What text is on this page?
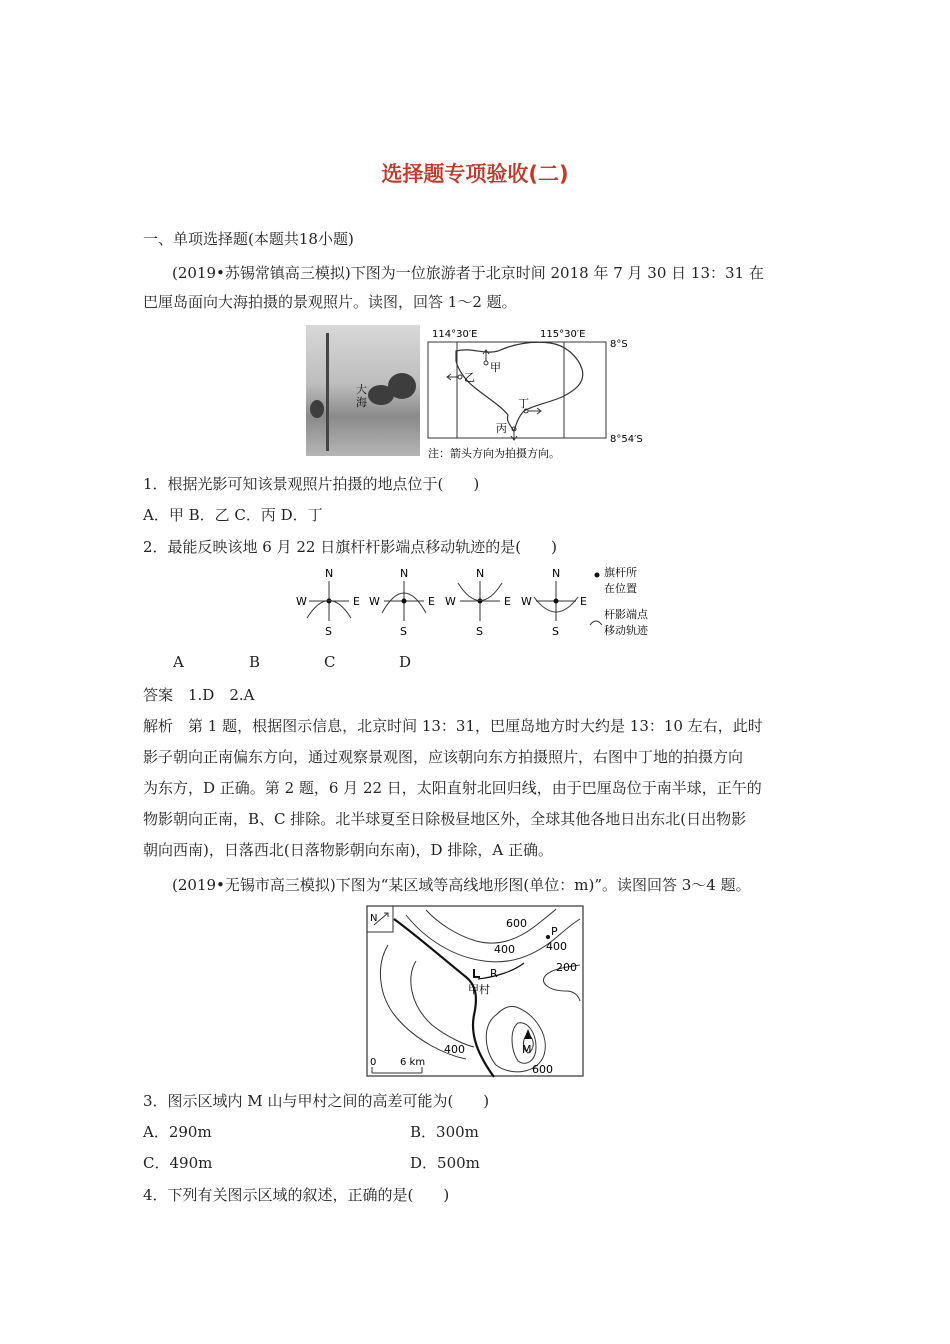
选择题专项验收(二)
一、单项选择题(本题共18小题)
(2019•苏锡常镇高三模拟)下图为一位旅游者于北京时间 2018 年 7 月 30 日 13：31 在
巴厘岛面向大海拍摄的景观照片。读图，回答 1～2 题。
大海
114°30′E	115°30′E
8°S
8°54′S
甲
乙
丁
丙
注：箭头方向为拍摄方向。
1．根据光影可知该景观照片拍摄的地点位于(　　)
A．甲 B．乙 C．丙 D．丁
2．最能反映该地 6 月 22 日旗杆杆影端点移动轨迹的是(　　)
N
S
W	E
N
S
W	E
N
S
W	E
N
S
W	E
旗杆所
在位置
杆影端点
移动轨迹
A	B	C	D
答案　1.D　2.A
解析　第 1 题，根据图示信息，北京时间 13：31，巴厘岛地方时大约是 13：10 左右，此时
影子朝向正南偏东方向，通过观察景观图，应该朝向东方拍摄照片，右图中丁地的拍摄方向
为东方，D 正确。第 2 题，6 月 22 日，太阳直射北回归线，由于巴厘岛位于南半球，正午的
物影朝向正南，B、C 排除。北半球夏至日除极昼地区外，全球其他各地日出东北(日出物影
朝向西南)，日落西北(日落物影朝向东南)，D 排除，A 正确。
(2019•无锡市高三模拟)下图为“某区域等高线地形图(单位：m)”。读图回答 3～4 题。
N	600
400	400
200
400
600
P
R
甲村
M
0 6 km
3．图示区域内 M 山与甲村之间的高差可能为(　　)
A．290m	B．300m
C．490m	D．500m
4．下列有关图示区域的叙述，正确的是(　　)
